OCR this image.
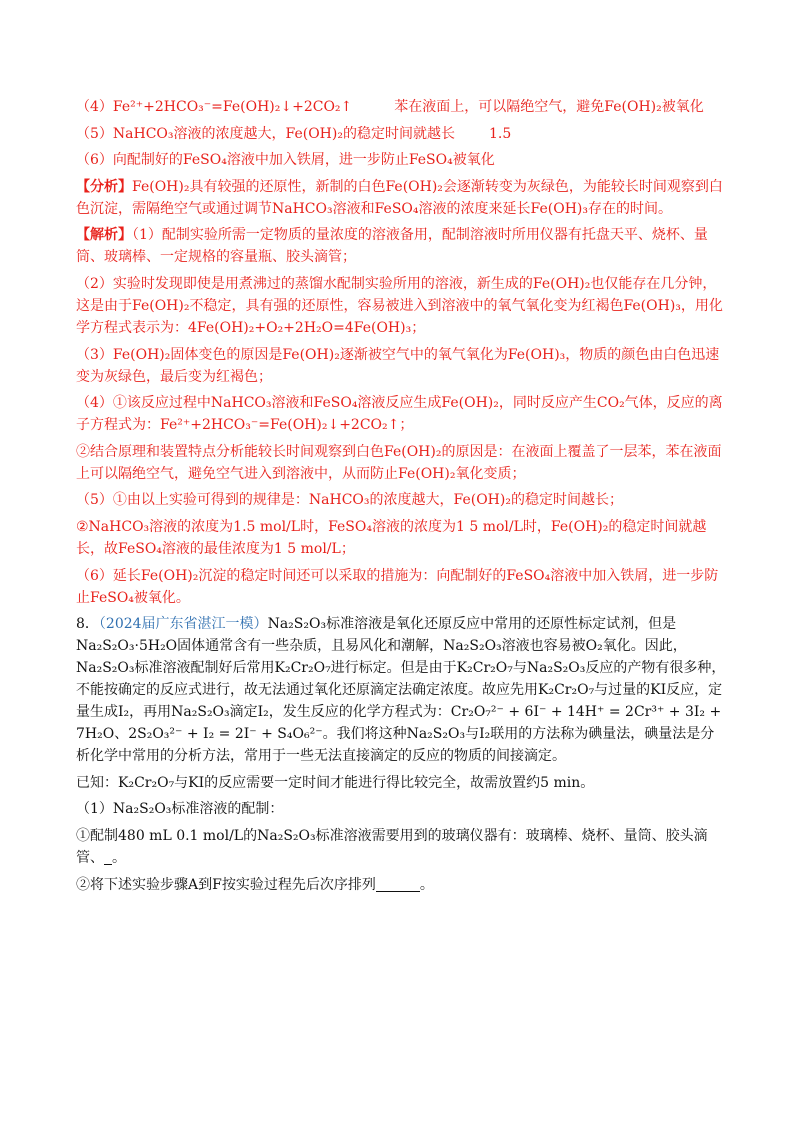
（4）Fe²⁺+2HCO₃⁻=Fe(OH)₂↓+2CO₂↑　　　苯在液面上，可以隔绝空气，避免Fe(OH)₂被氧化

（5）NaHCO₃溶液的浓度越大，Fe(OH)₂的稳定时间就越长 1.5

（6）向配制好的FeSO₄溶液中加入铁屑，进一步防止FeSO₄被氧化

【分析】Fe(OH)₂具有较强的还原性，新制的白色Fe(OH)₂会逐渐转变为灰绿色，为能较长时间观察到白色沉淀，需隔绝空气或通过调节NaHCO₃溶液和FeSO₄溶液的浓度来延长Fe(OH)₃存在的时间。

【解析】（1）配制实验所需一定物质的量浓度的溶液备用，配制溶液时所用仪器有托盘天平、烧杯、量筒、玻璃棒、一定规格的容量瓶、胶头滴管；

（2）实验时发现即使是用煮沸过的蒸馏水配制实验所用的溶液，新生成的Fe(OH)₂也仅能存在几分钟，这是由于Fe(OH)₂不稳定，具有强的还原性，容易被进入到溶液中的氧气氧化变为红褐色Fe(OH)₃，用化学方程式表示为：4Fe(OH)₂+O₂+2H₂O=4Fe(OH)₃；

（3）Fe(OH)₂固体变色的原因是Fe(OH)₂逐渐被空气中的氧气氧化为Fe(OH)₃，物质的颜色由白色迅速变为灰绿色，最后变为红褐色；

（4）①该反应过程中NaHCO₃溶液和FeSO₄溶液反应生成Fe(OH)₂，同时反应产生CO₂气体，反应的离子方程式为：Fe²⁺+2HCO₃⁻=Fe(OH)₂↓+2CO₂↑；

②结合原理和装置特点分析能较长时间观察到白色Fe(OH)₂的原因是：在液面上覆盖了一层苯，苯在液面上可以隔绝空气，避免空气进入到溶液中，从而防止Fe(OH)₂氧化变质；

（5）①由以上实验可得到的规律是：NaHCO₃的浓度越大，Fe(OH)₂的稳定时间越长；

②NaHCO₃溶液的浓度为1.5 mol/L时，FeSO₄溶液的浓度为1 5 mol/L时，Fe(OH)₂的稳定时间就越长，故FeSO₄溶液的最佳浓度为1 5 mol/L；

（6）延长Fe(OH)₂沉淀的稳定时间还可以采取的措施为：向配制好的FeSO₄溶液中加入铁屑，进一步防止FeSO₄被氧化。

8．（2024届广东省湛江一模）Na₂S₂O₃标准溶液是氧化还原反应中常用的还原性标定试剂，但是Na₂S₂O₃·5H₂O固体通常含有一些杂质，且易风化和潮解，Na₂S₂O₃溶液也容易被O₂氧化。因此，Na₂S₂O₃标准溶液配制好后常用K₂Cr₂O₇进行标定。但是由于K₂Cr₂O₇与Na₂S₂O₃反应的产物有很多种，不能按确定的反应式进行，故无法通过氧化还原滴定法确定浓度。故应先用K₂Cr₂O₇与过量的KI反应，定量生成I₂，再用Na₂S₂O₃滴定I₂，发生反应的化学方程式为：Cr₂O₇²⁻ + 6I⁻ + 14H⁺ = 2Cr³⁺ + 3I₂ + 7H₂O、2S₂O₃²⁻ + I₂ = 2I⁻ + S₄O₆²⁻。我们将这种Na₂S₂O₃与I₂联用的方法称为碘量法，碘量法是分析化学中常用的分析方法，常用于一些无法直接滴定的反应的物质的间接滴定。

已知：K₂Cr₂O₇与KI的反应需要一定时间才能进行得比较完全，故需放置约5 min。

（1）Na₂S₂O₃标准溶液的配制：

①配制480 mL 0.1 mol/L的Na₂S₂O₃标准溶液需要用到的玻璃仪器有：玻璃棒、烧杯、量筒、胶头滴管、 。

②将下述实验步骤A到F按实验过程先后次序排列	。
